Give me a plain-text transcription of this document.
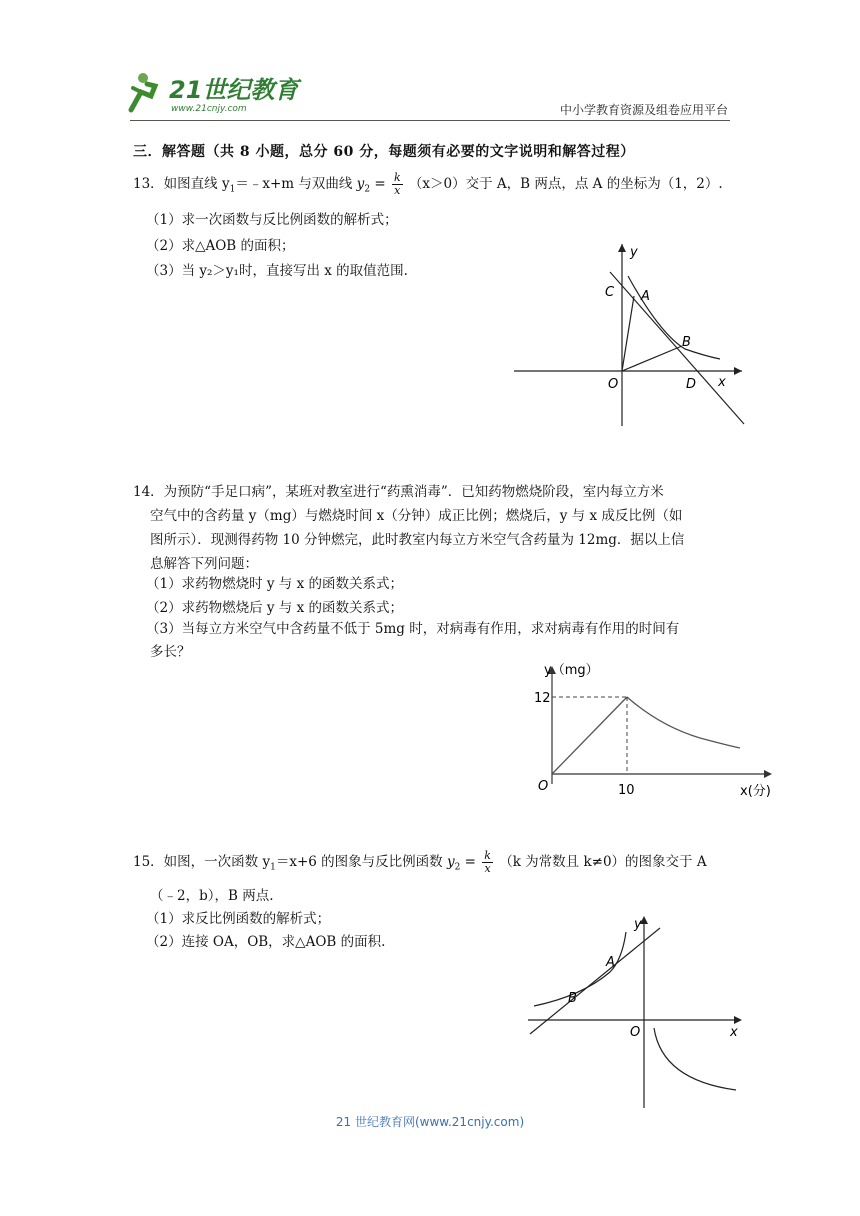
21世纪教育
www.21cnjy.com	中小学教育资源及组卷应用平台
三．解答题（共 8 小题，总分 60 分，每题须有必要的文字说明和解答过程）
13．如图直线 $y_1=﹣x+m$ 与双曲线 $y_2 = \frac{k}{x} (x>0)$交于 A，B 两点，点 A 的坐标为（1，2）.
（1）求一次函数与反比例函数的解析式；
（2）求△AOB 的面积；
（3）当 y₂＞y₁时，直接写出 x 的取值范围.
y
x
C A
B
O	D
14．为预防“手足口病”，某班对教室进行“药熏消毒”．已知药物燃烧阶段，室内每立方米
空气中的含药量 y（mg）与燃烧时间 x（分钟）成正比例；燃烧后，y 与 x 成反比例（如
图所示）．现测得药物 10 分钟燃完，此时教室内每立方米空气含药量为 12mg．据以上信
息解答下列问题：
（1）求药物燃烧时 y 与 x 的函数关系式；
（2）求药物燃烧后 y 与 x 的函数关系式；
（3）当每立方米空气中含药量不低于 5mg 时，对病毒有作用，求对病毒有作用的时间有
多长？
y（mg）
12
10
O	x(分)
15．如图，一次函数 $y_1=x+6$ 的图象与反比例函数 $y_2 = \frac{k}{x} (k$ 为常数且 k≠0）的图象交于 A
（﹣2，b），B 两点.
（1）求反比例函数的解析式；
（2）连接 OA，OB，求△AOB 的面积.
y
x
A
B
O
21 世纪教育网(www.21cnjy.com)
